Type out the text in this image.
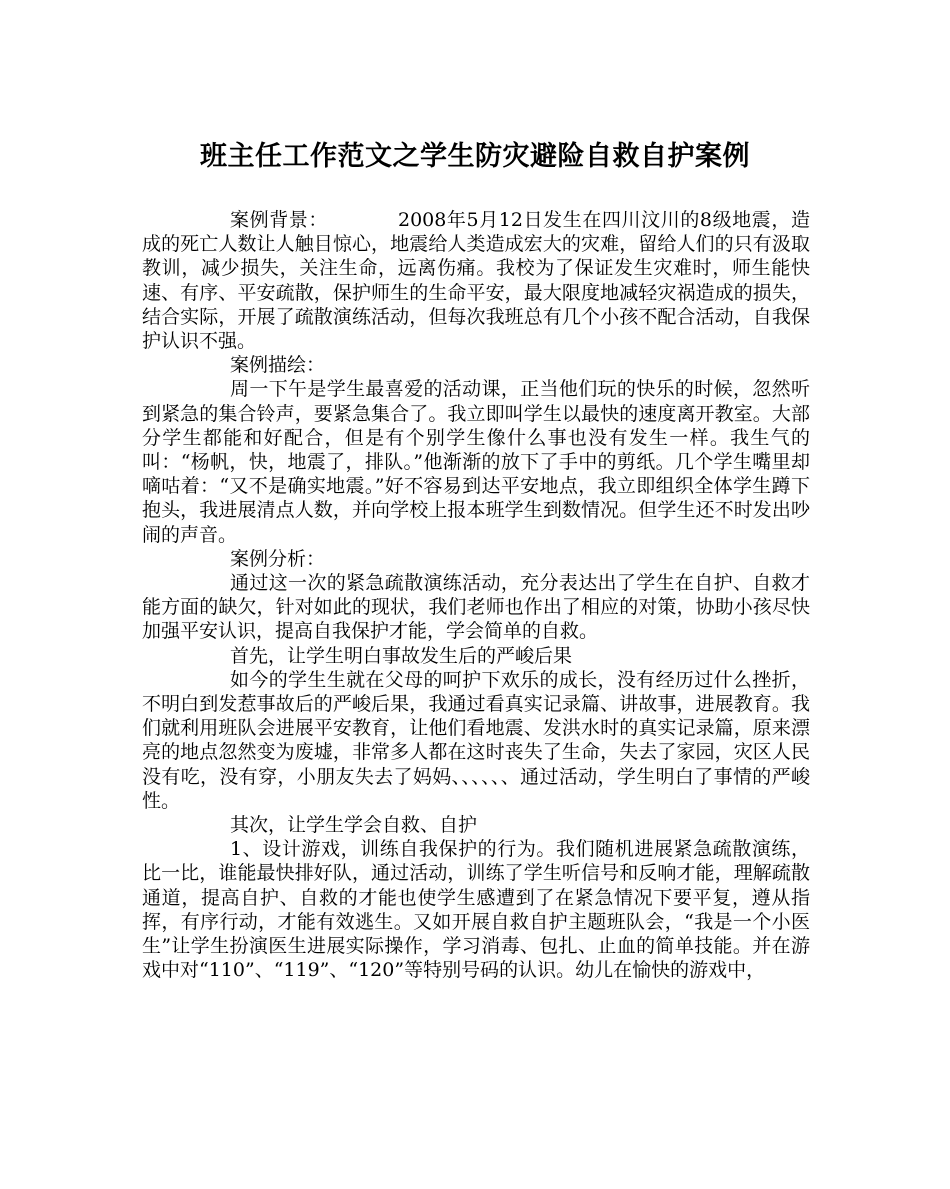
班主任工作范文之学生防灾避险自救自护案例

案例背景：	2008年5月12日发生在四川汶川的8级地震，造成的死亡人数让人触目惊心，地震给人类造成宏大的灾难，留给人们的只有汲取教训，减少损失，关注生命，远离伤痛。我校为了保证发生灾难时，师生能快速、有序、平安疏散，保护师生的生命平安，最大限度地减轻灾祸造成的损失，结合实际，开展了疏散演练活动，但每次我班总有几个小孩不配合活动，自我保护认识不强。

案例描绘：

周一下午是学生最喜爱的活动课，正当他们玩的快乐的时候，忽然听到紧急的集合铃声，要紧急集合了。我立即叫学生以最快的速度离开教室。大部分学生都能和好配合，但是有个别学生像什么事也没有发生一样。我生气的叫：“杨帆，快，地震了，排队。”他渐渐的放下了手中的剪纸。几个学生嘴里却嘀咕着：“又不是确实地震。”好不容易到达平安地点，我立即组织全体学生蹲下抱头，我进展清点人数，并向学校上报本班学生到数情况。但学生还不时发出吵闹的声音。

案例分析：

通过这一次的紧急疏散演练活动，充分表达出了学生在自护、自救才能方面的缺欠，针对如此的现状，我们老师也作出了相应的对策，协助小孩尽快加强平安认识，提高自我保护才能，学会简单的自救。

首先，让学生明白事故发生后的严峻后果

如今的学生生就在父母的呵护下欢乐的成长，没有经历过什么挫折，不明白到发惹事故后的严峻后果，我通过看真实记录篇、讲故事，进展教育。我们就利用班队会进展平安教育，让他们看地震、发洪水时的真实记录篇，原来漂亮的地点忽然变为废墟，非常多人都在这时丧失了生命，失去了家园，灾区人民没有吃，没有穿，小朋友失去了妈妈、、、、、、通过活动，学生明白了事情的严峻性。

其次，让学生学会自救、自护

1、设计游戏，训练自我保护的行为。我们随机进展紧急疏散演练，比一比，谁能最快排好队，通过活动，训练了学生听信号和反响才能，理解疏散通道，提高自护、自救的才能也使学生感遭到了在紧急情况下要平复，遵从指挥，有序行动，才能有效逃生。又如开展自救自护主题班队会，“我是一个小医生”让学生扮演医生进展实际操作，学习消毒、包扎、止血的简单技能。并在游戏中对“110”、“119”、“120”等特别号码的认识。幼儿在愉快的游戏中，
